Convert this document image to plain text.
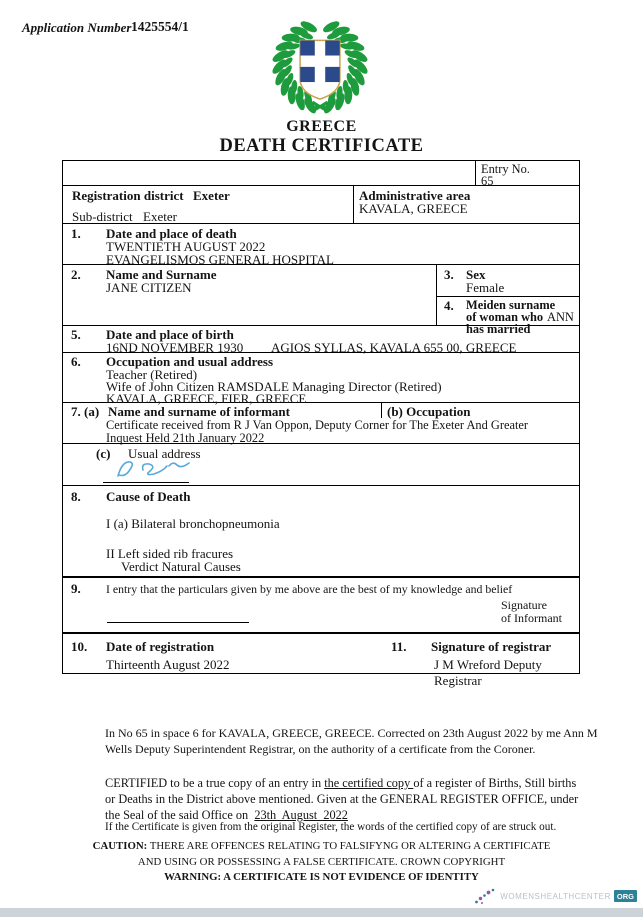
Application Number 1425554/1
GREECE
DEATH CERTIFICATE
Entry No.
65
Registration district Exeter
Sub-district Exeter
Administrative area
KAVALA, GREECE
1. Date and place of death
TWENTIETH AUGUST 2022
EVANGELISMOS GENERAL HOSPITAL
2. Name and Surname
JANE CITIZEN
3. Sex
Female
4. Meiden surname
of woman who ANN
has married
5. Date and place of birth
16ND NOVEMBER 1930 AGIOS SYLLAS, KAVALA 655 00, GREECE
6. Occupation and usual address
Teacher (Retired)
Wife of John Citizen RAMSDALE Managing Director (Retired)
KAVALA, GREECE, FIER, GREECE
7. (a) Name and surname of informant	(b) Occupation
Certificate received from R J Van Oppon, Deputy Corner for The Exeter And Greater
Inquest Held 21th January 2022
(c) Usual address
8. Cause of Death
I (a) Bilateral bronchopneumonia
II Left sided rib fracures
Verdict Natural Causes
9. I entry that the particulars given by me above are the best of my knowledge and belief
Signature
of Informant
10. Date of registration
Thirteenth August 2022
11. Signature of registrar
J M Wreford Deputy Registrar
In No 65 in space 6 for KAVALA, GREECE, GREECE. Corrected on 23th August 2022 by me Ann M
Wells Deputy Superintendent Registrar, on the authority of a certificate from the Coroner.
CERTIFIED to be a true copy of an entry in the certified copy of a register of Births, Still births
or Deaths in the District above mentioned. Given at the GENERAL REGISTER OFFICE, under
the Seal of the said Office on  23th  August  2022
If the Certificate is given from the original Register, the words of the certified copy of are struck out.
CAUTION: THERE ARE OFFENCES RELATING TO FALSIFYNG OR ALTERING A CERTIFICATE
AND USING OR POSSESSING A FALSE CERTIFICATE. CROWN COPYRIGHT
WARNING: A CERTIFICATE IS NOT EVIDENCE OF IDENTITY
WOMENSHEALTHCENTER ORG
